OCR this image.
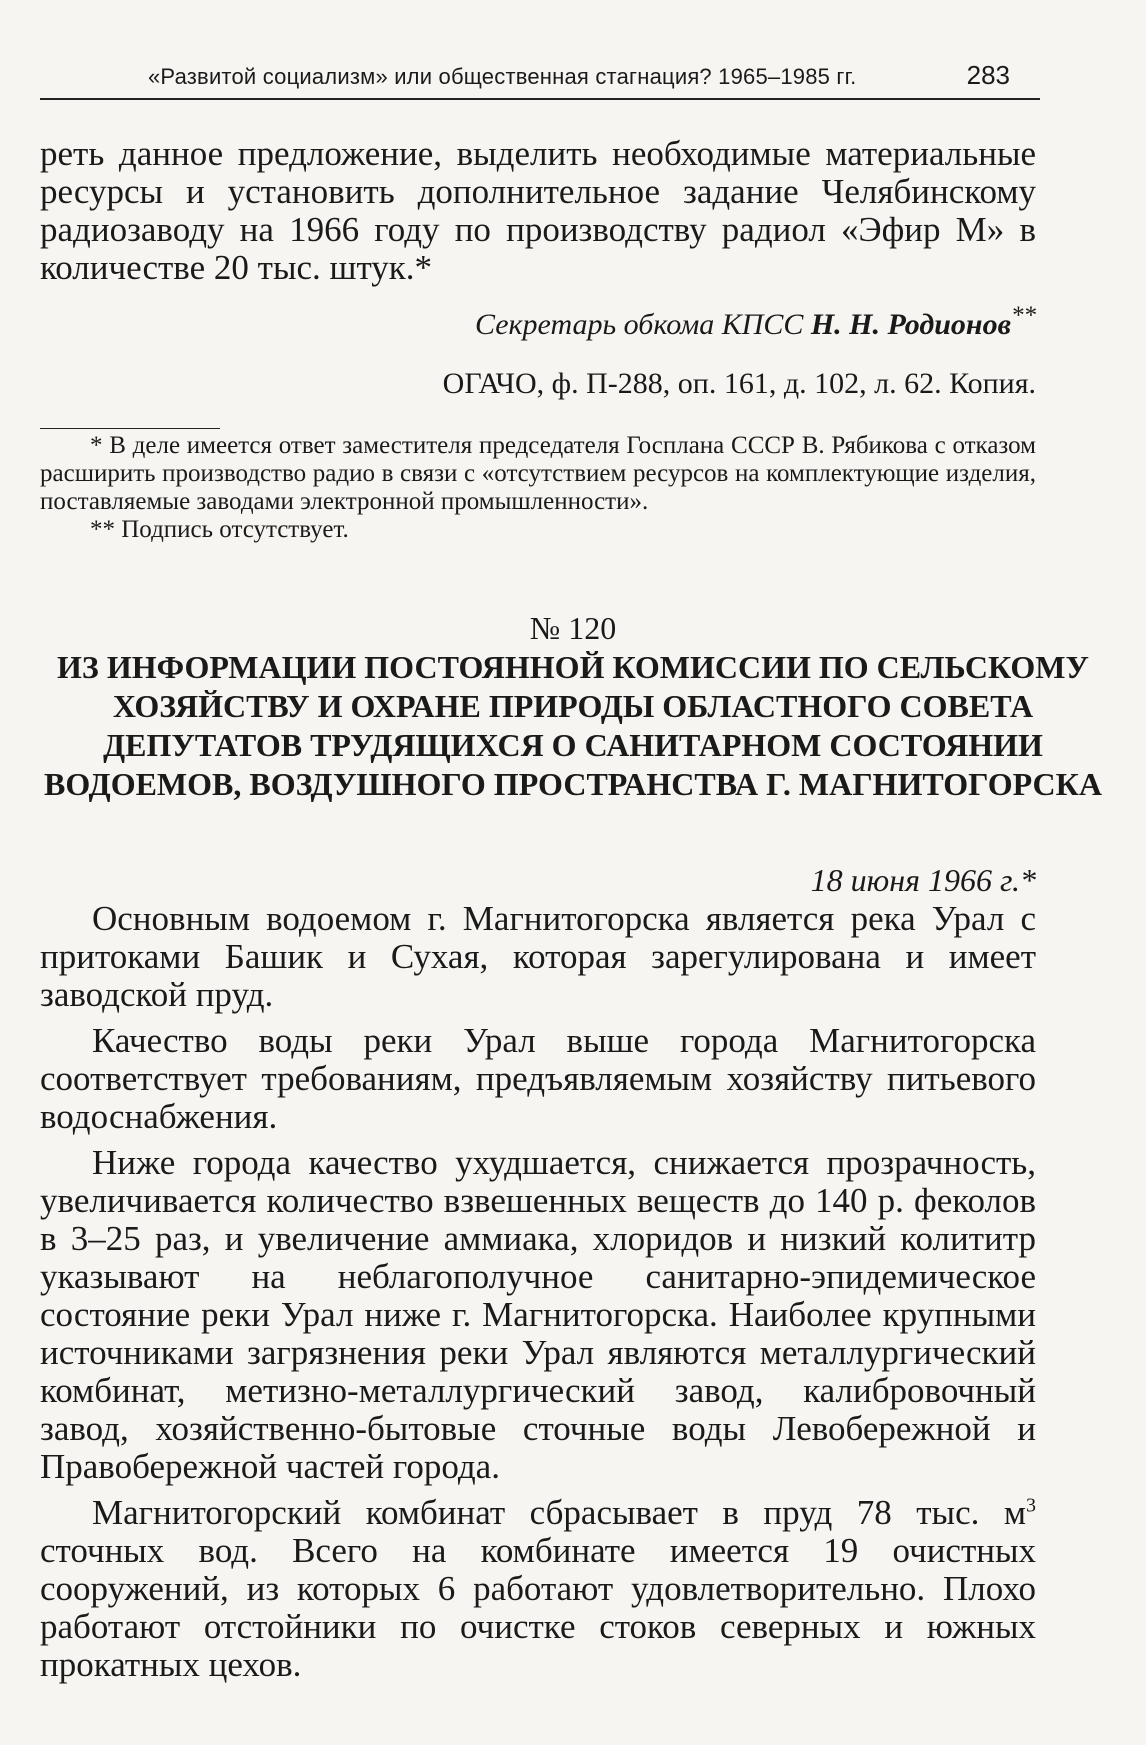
«Развитой социализм» или общественная стагнация? 1965–1985 гг.	283
реть данное предложение, выделить необходимые материальные ресурсы и установить дополнительное задание Челябинскому радиозаводу на 1966 году по производству радиол «Эфир М» в количестве 20 тыс. штук.*
Секретарь обкома КПСС Н. Н. Родионов**
ОГАЧО, ф. П-288, оп. 161, д. 102, л. 62. Копия.

* В деле имеется ответ заместителя председателя Госплана СССР В. Рябикова с отказом расширить производство радио в связи с «отсутствием ресурсов на комплектующие изделия, поставляемые заводами электронной промышленности».

** Подпись отсутствует.

№ 120
ИЗ ИНФОРМАЦИИ ПОСТОЯННОЙ КОМИССИИ ПО СЕЛЬСКОМУ ХОЗЯЙСТВУ И ОХРАНЕ ПРИРОДЫ ОБЛАСТНОГО СОВЕТА ДЕПУТАТОВ ТРУДЯЩИХСЯ О САНИТАРНОМ СОСТОЯНИИ ВОДОЕМОВ, ВОЗДУШНОГО ПРОСТРАНСТВА Г. МАГНИТОГОРСКА
18 июня 1966 г.*

Основным водоемом г. Магнитогорска является река Урал с притоками Башик и Сухая, которая зарегулирована и имеет заводской пруд.

Качество воды реки Урал выше города Магнитогорска соответствует требованиям, предъявляемым хозяйству питьевого водоснабжения.

Ниже города качество ухудшается, снижается прозрачность, увеличивается количество взвешенных веществ до 140 р. феколов в 3–25 раз, и увеличение аммиака, хлоридов и низкий колититр указывают на неблагополучное санитарно-эпидемическое состояние реки Урал ниже г. Магнитогорска. Наиболее крупными источниками загрязнения реки Урал являются металлургический комбинат, метизно-металлургический завод, калибровочный завод, хозяйственно-бытовые сточные воды Левобережной и Правобережной частей города.

Магнитогорский комбинат сбрасывает в пруд 78 тыс. $м^3$ сточных вод. Всего на комбинате имеется 19 очистных сооружений, из которых 6 работают удовлетворительно. Плохо работают отстойники по очистке стоков северных и южных прокатных цехов.
